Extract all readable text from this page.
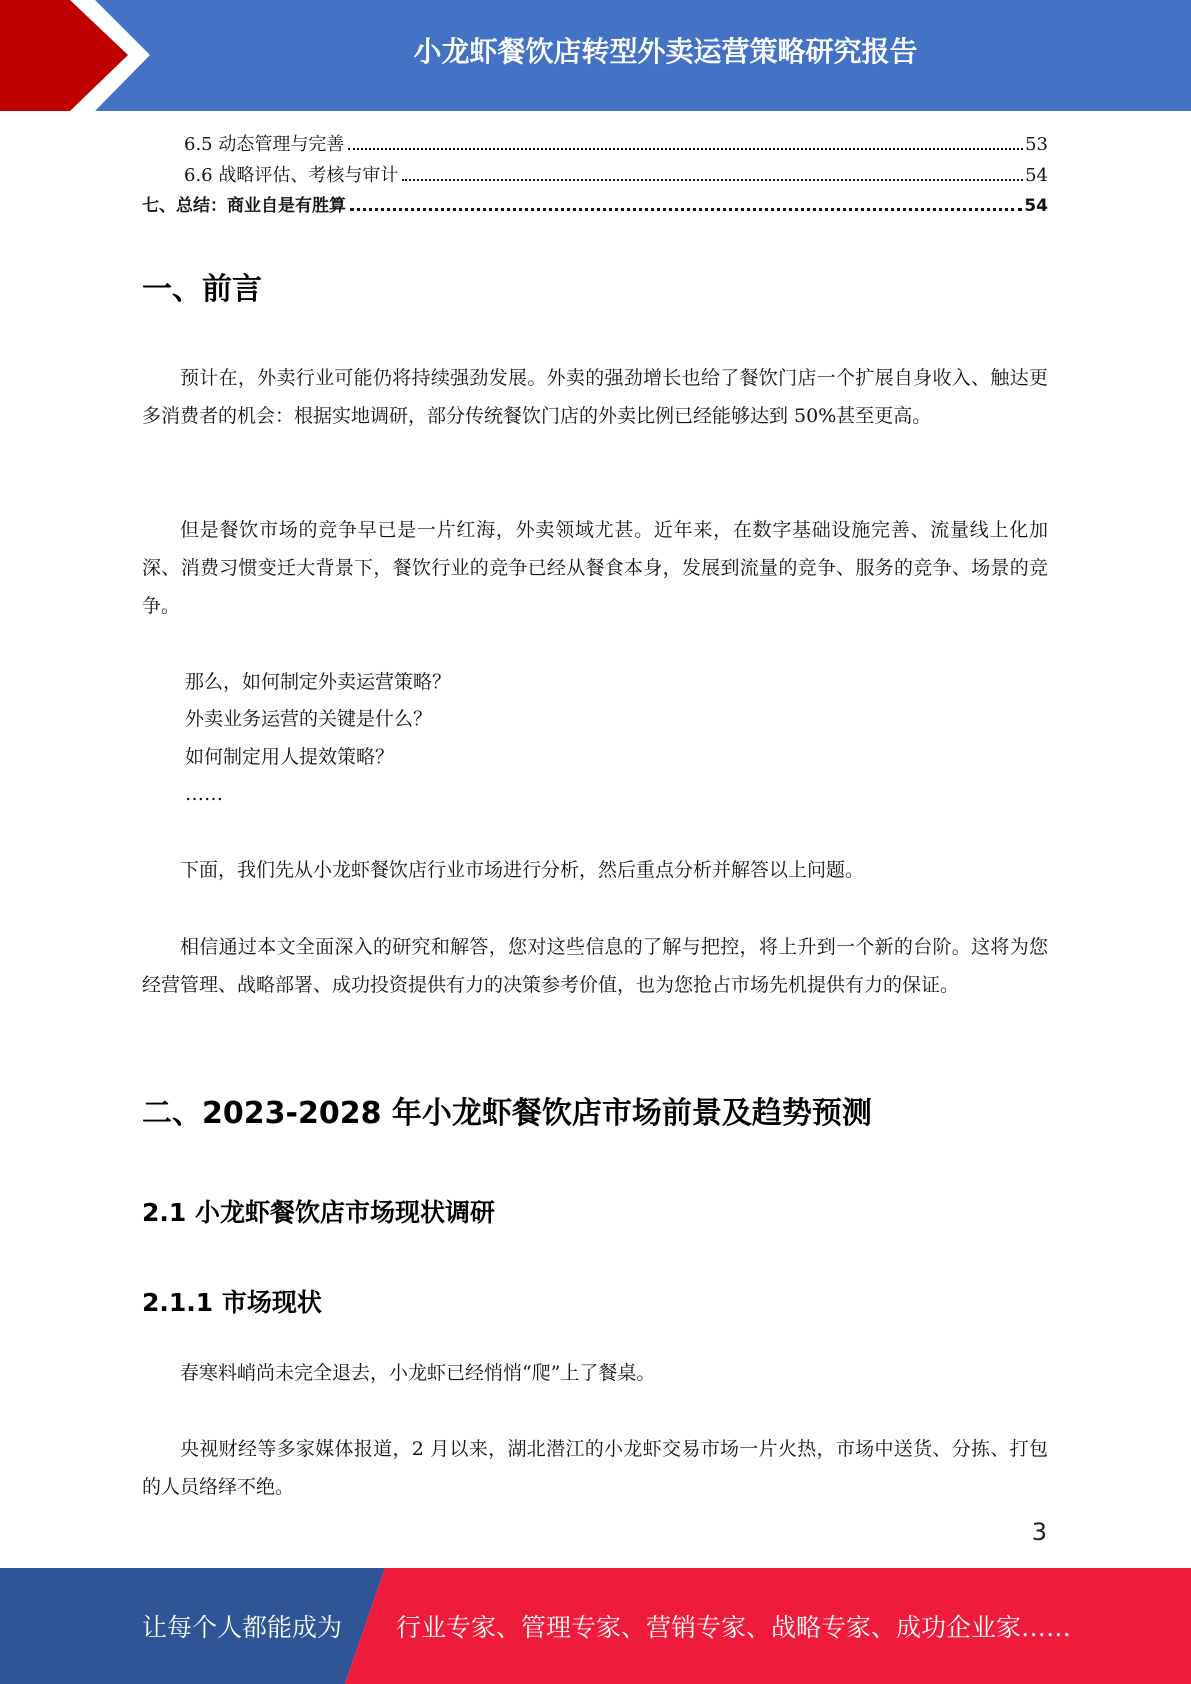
小龙虾餐饮店转型外卖运营策略研究报告
6.5 动态管理与完善	53
6.6 战略评估、考核与审计	54
七、总结：商业自是有胜算	54
一、前言

预计在，外卖行业可能仍将持续强劲发展。外卖的强劲增长也给了餐饮门店一个扩展自身收入、触达更多消费者的机会：根据实地调研，部分传统餐饮门店的外卖比例已经能够达到 50%甚至更高。

但是餐饮市场的竞争早已是一片红海，外卖领域尤甚。近年来，在数字基础设施完善、流量线上化加深、消费习惯变迁大背景下，餐饮行业的竞争已经从餐食本身，发展到流量的竞争、服务的竞争、场景的竞争。

那么，如何制定外卖运营策略？

外卖业务运营的关键是什么？

如何制定用人提效策略？

……

下面，我们先从小龙虾餐饮店行业市场进行分析，然后重点分析并解答以上问题。

相信通过本文全面深入的研究和解答，您对这些信息的了解与把控，将上升到一个新的台阶。这将为您经营管理、战略部署、成功投资提供有力的决策参考价值，也为您抢占市场先机提供有力的保证。

二、2023-2028 年小龙虾餐饮店市场前景及趋势预测
2.1 小龙虾餐饮店市场现状调研
2.1.1 市场现状

春寒料峭尚未完全退去，小龙虾已经悄悄“爬”上了餐桌。

央视财经等多家媒体报道，2 月以来，湖北潜江的小龙虾交易市场一片火热，市场中送货、分拣、打包的人员络绎不绝。

3
让每个人都能成为 行业专家、管理专家、营销专家、战略专家、成功企业家……
